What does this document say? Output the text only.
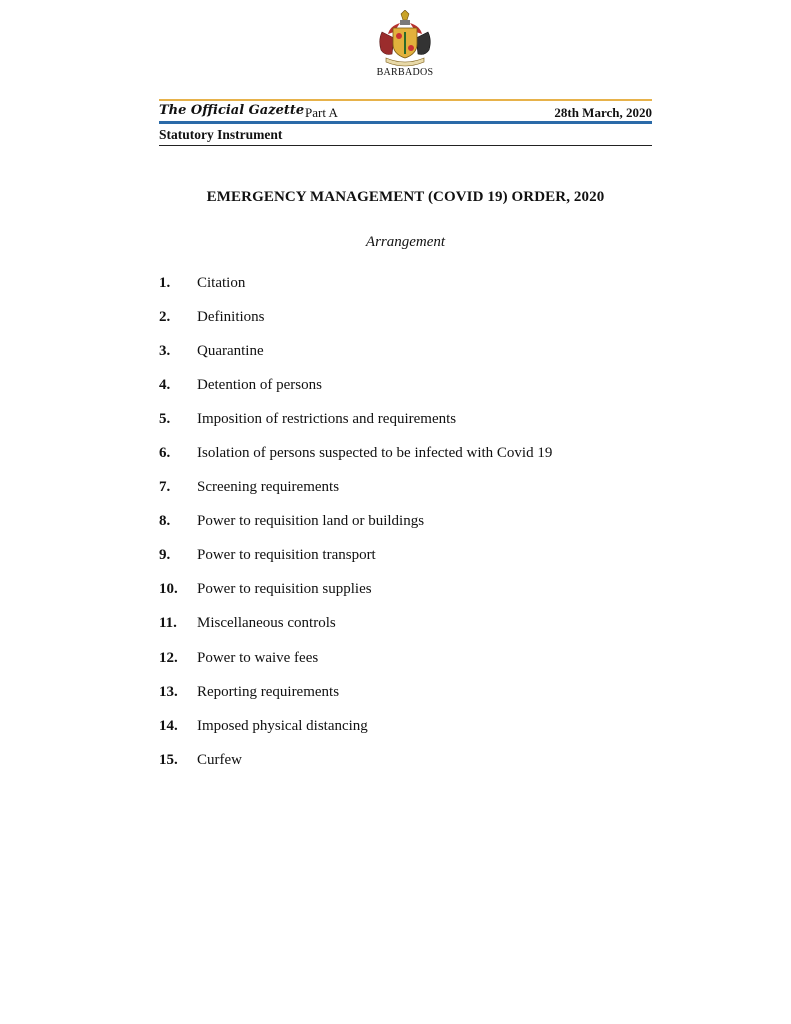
BARBADOS
The Official Gazette Part A	28th March, 2020
Statutory Instrument
EMERGENCY MANAGEMENT (COVID 19) ORDER, 2020
Arrangement
1.	Citation
2.	Definitions
3.	Quarantine
4.	Detention of persons
5.	Imposition of restrictions and requirements
6.	Isolation of persons suspected to be infected with Covid 19
7.	Screening requirements
8.	Power to requisition land or buildings
9.	Power to requisition transport
10.	Power to requisition supplies
11.	Miscellaneous controls
12.	Power to waive fees
13.	Reporting requirements
14.	Imposed physical distancing
15.	Curfew
